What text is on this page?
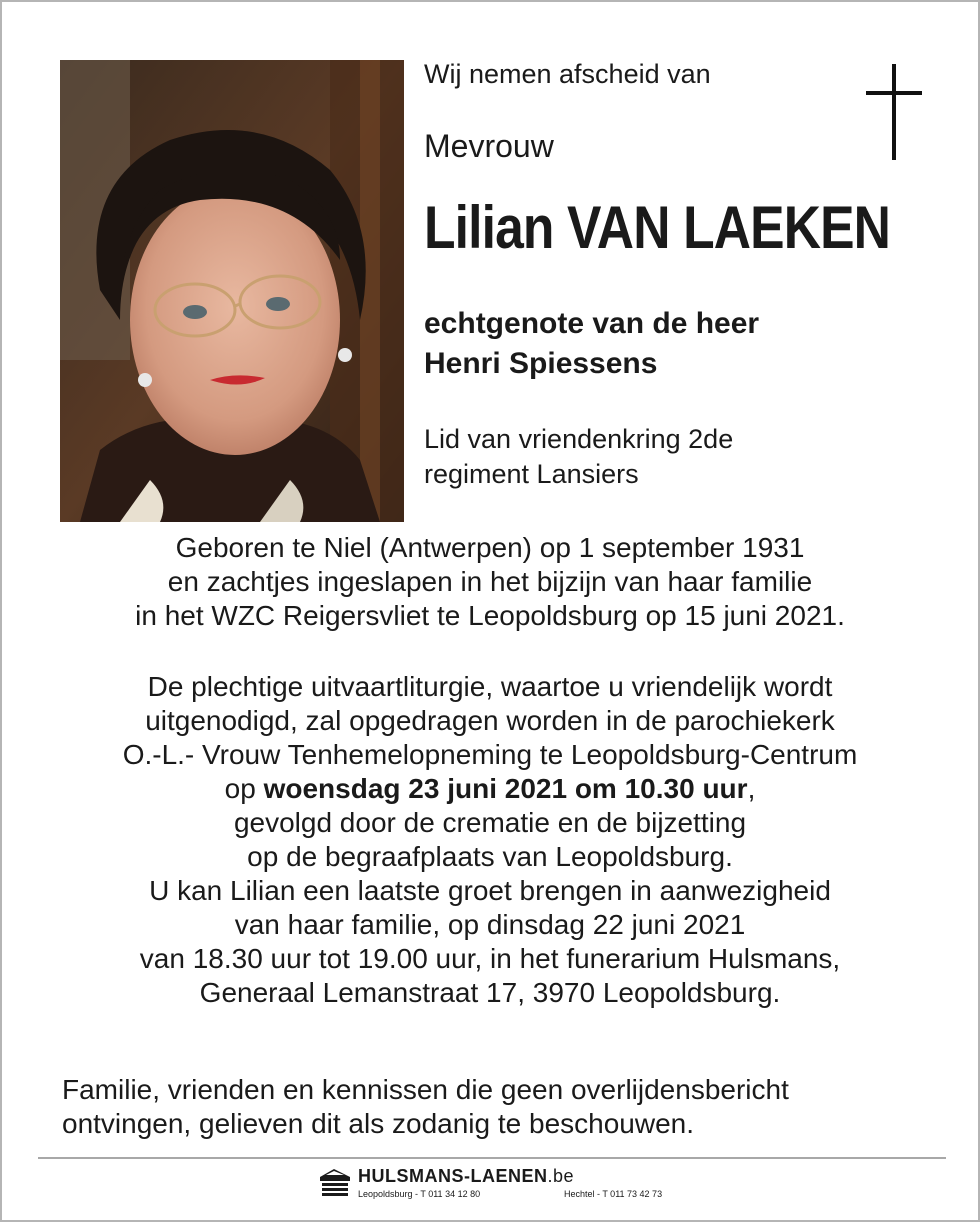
Wij nemen afscheid van

Mevrouw

Lilian VAN LAEKEN

echtgenote van de heer
Henri Spiessens
Lid van vriendenkring 2de
regiment Lansiers
Geboren te Niel (Antwerpen) op 1 september 1931
en zachtjes ingeslapen in het bijzijn van haar familie
in het WZC Reigersvliet te Leopoldsburg op 15 juni 2021.
De plechtige uitvaartliturgie, waartoe u vriendelijk wordt
uitgenodigd, zal opgedragen worden in de parochiekerk
O.-L.- Vrouw Tenhemelopneming te Leopoldsburg-Centrum
op woensdag 23 juni 2021 om 10.30 uur,
gevolgd door de crematie en de bijzetting
op de begraafplaats van Leopoldsburg.
U kan Lilian een laatste groet brengen in aanwezigheid
van haar familie, op dinsdag 22 juni 2021
van 18.30 uur tot 19.00 uur, in het funerarium Hulsmans,
Generaal Lemanstraat 17, 3970 Leopoldsburg.
Familie, vrienden en kennissen die geen overlijdensbericht
ontvingen, gelieven dit als zodanig te beschouwen.
HULSMANS-LAENEN.be
Leopoldsburg - T 011 34 12 80	Hechtel - T 011 73 42 73
